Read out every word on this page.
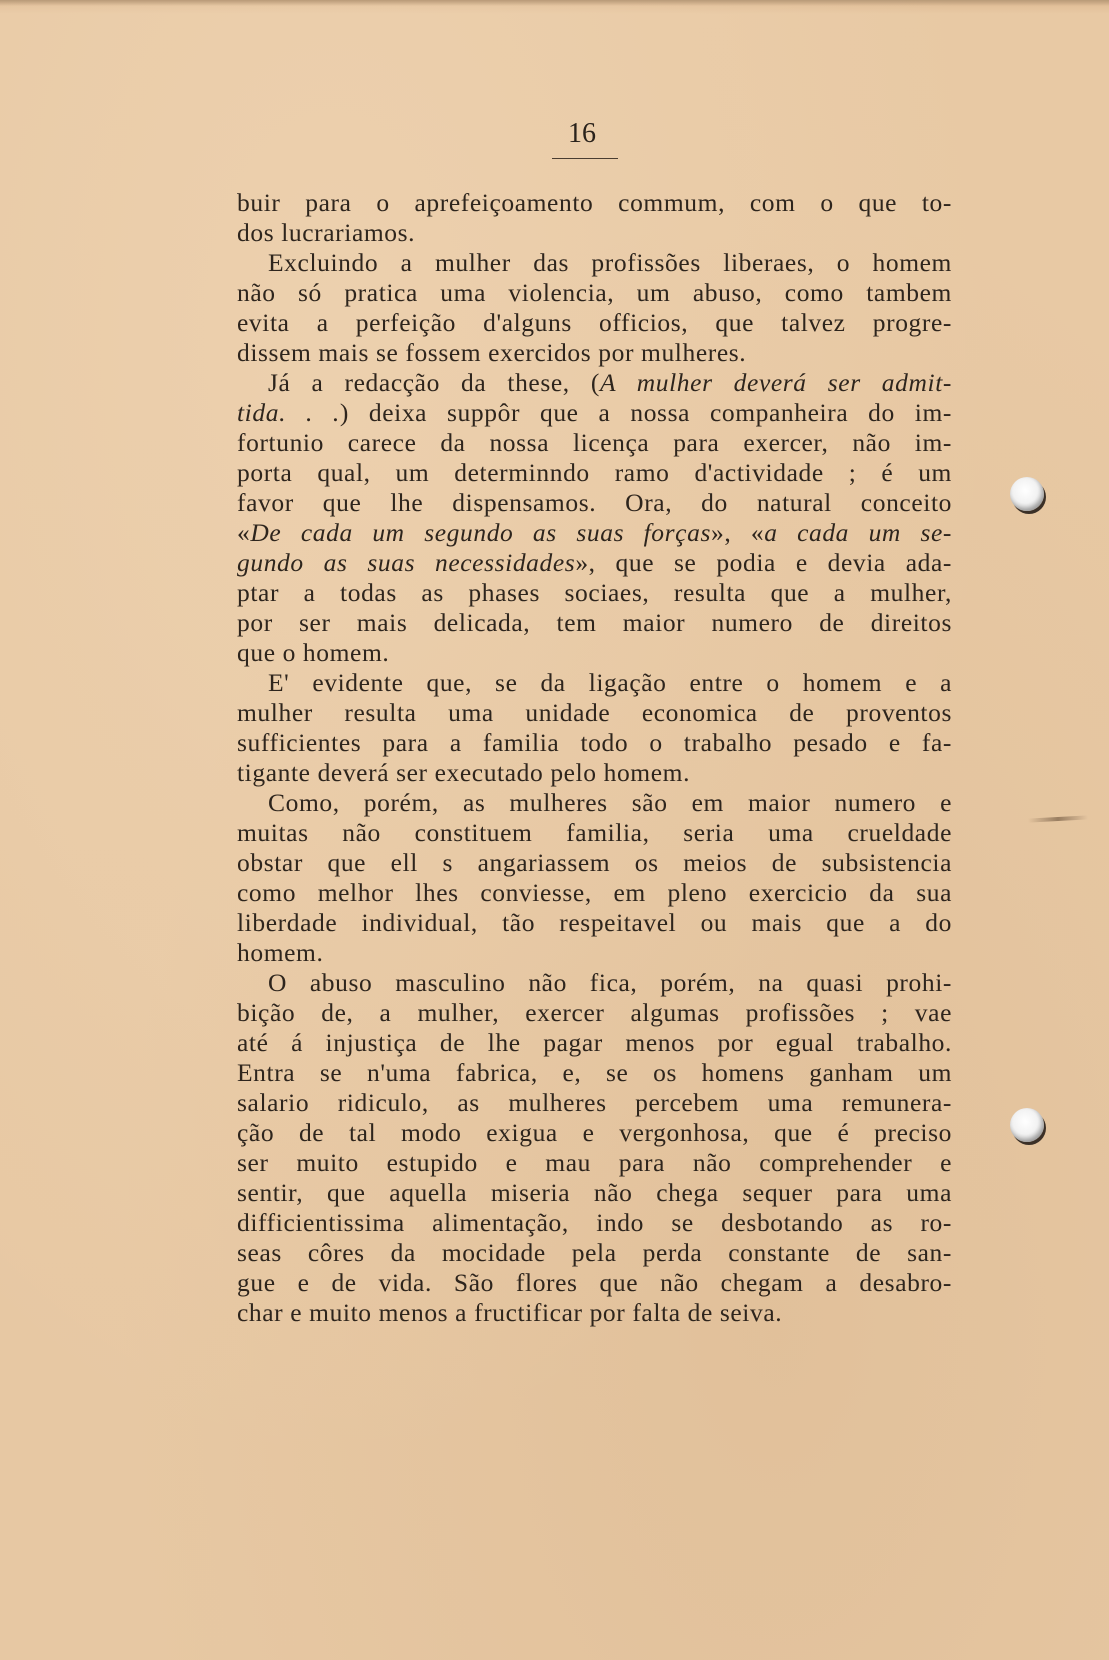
16
buir para o aprefeiçoamento commum, com o que to-
dos lucrariamos.
Excluindo a mulher das profissões liberaes, o homem
não só pratica uma violencia, um abuso, como tambem
evita a perfeição d'alguns officios, que talvez progre-
dissem mais se fossem exercidos por mulheres.
Já a redacção da these, (A mulher deverá ser admit-
tida. . .) deixa suppôr que a nossa companheira do im-
fortunio carece da nossa licença para exercer, não im-
porta qual, um determinndo ramo d'actividade ; é um
favor que lhe dispensamos. Ora, do natural conceito
«De cada um segundo as suas forças», «a cada um se-
gundo as suas necessidades», que se podia e devia ada-
ptar a todas as phases sociaes, resulta que a mulher,
por ser mais delicada, tem maior numero de direitos
que o homem.
E' evidente que, se da ligação entre o homem e a
mulher resulta uma unidade economica de proventos
sufficientes para a familia todo o trabalho pesado e fa-
tigante deverá ser executado pelo homem.
Como, porém, as mulheres são em maior numero e
muitas não constituem familia, seria uma crueldade
obstar que ell s angariassem os meios de subsistencia
como melhor lhes conviesse, em pleno exercicio da sua
liberdade individual, tão respeitavel ou mais que a do
homem.
O abuso masculino não fica, porém, na quasi prohi-
bição de, a mulher, exercer algumas profissões ; vae
até á injustiça de lhe pagar menos por egual trabalho.
Entra se n'uma fabrica, e, se os homens ganham um
salario ridiculo, as mulheres percebem uma remunera-
ção de tal modo exigua e vergonhosa, que é preciso
ser muito estupido e mau para não comprehender e
sentir, que aquella miseria não chega sequer para uma
difficientissima alimentação, indo se desbotando as ro-
seas côres da mocidade pela perda constante de san-
gue e de vida. São flores que não chegam a desabro-
char e muito menos a fructificar por falta de seiva.
